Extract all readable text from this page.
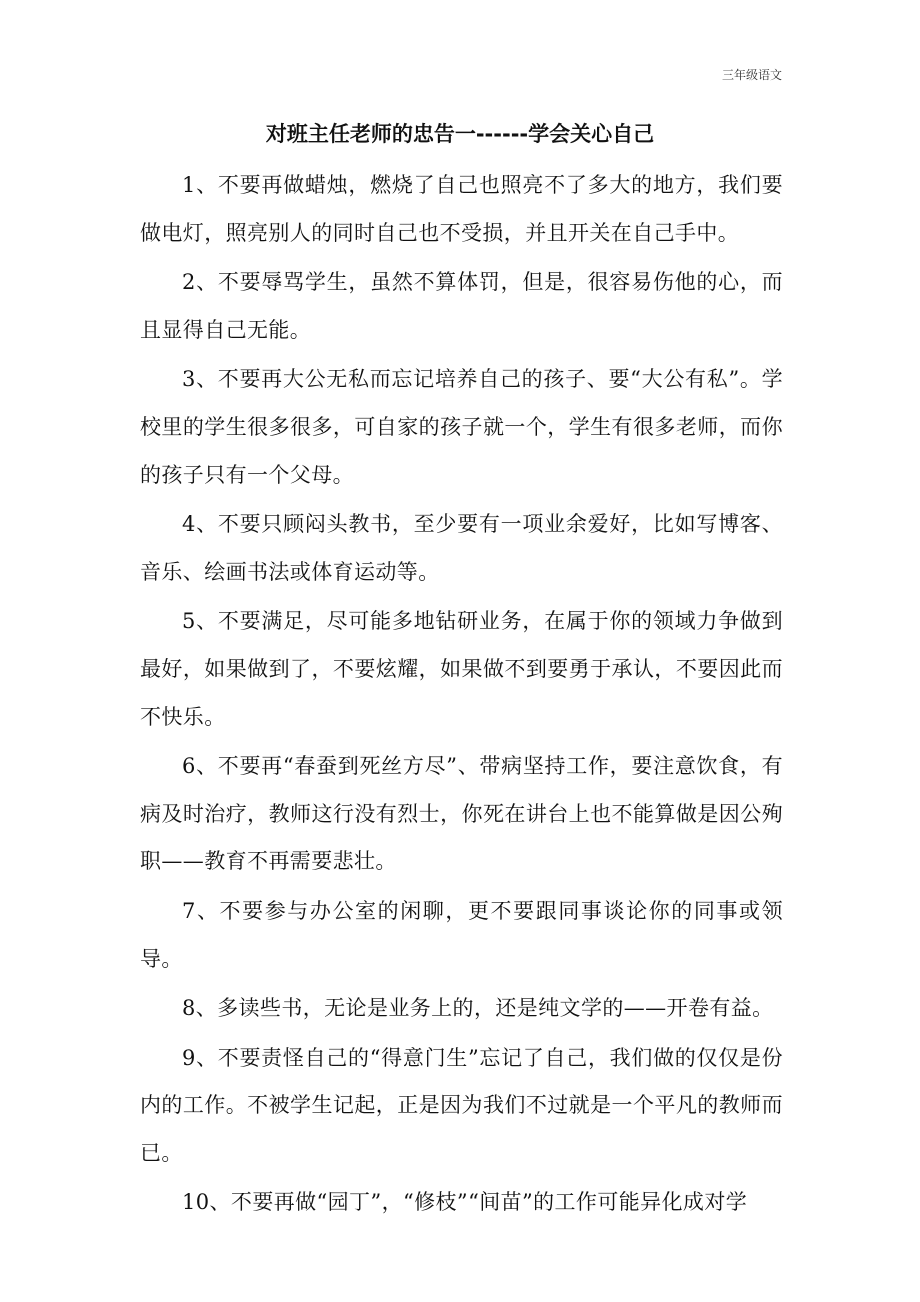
三年级语文
对班主任老师的忠告一------学会关心自己

1、不要再做蜡烛，燃烧了自己也照亮不了多大的地方，我们要做电灯，照亮别人的同时自己也不受损，并且开关在自己手中。

2、不要辱骂学生，虽然不算体罚，但是，很容易伤他的心，而且显得自己无能。

3、不要再大公无私而忘记培养自己的孩子、要“大公有私”。学校里的学生很多很多，可自家的孩子就一个，学生有很多老师，而你的孩子只有一个父母。

4、不要只顾闷头教书，至少要有一项业余爱好，比如写博客、音乐、绘画书法或体育运动等。

5、不要满足，尽可能多地钻研业务，在属于你的领域力争做到最好，如果做到了，不要炫耀，如果做不到要勇于承认，不要因此而不快乐。

6、不要再“春蚕到死丝方尽”、带病坚持工作，要注意饮食，有病及时治疗，教师这行没有烈士，你死在讲台上也不能算做是因公殉职——教育不再需要悲壮。

7、不要参与办公室的闲聊，更不要跟同事谈论你的同事或领导。

8、多读些书，无论是业务上的，还是纯文学的——开卷有益。

9、不要责怪自己的“得意门生”忘记了自己，我们做的仅仅是份内的工作。不被学生记起，正是因为我们不过就是一个平凡的教师而已。

10、不要再做“园丁”，“修枝”“间苗”的工作可能异化成对学
